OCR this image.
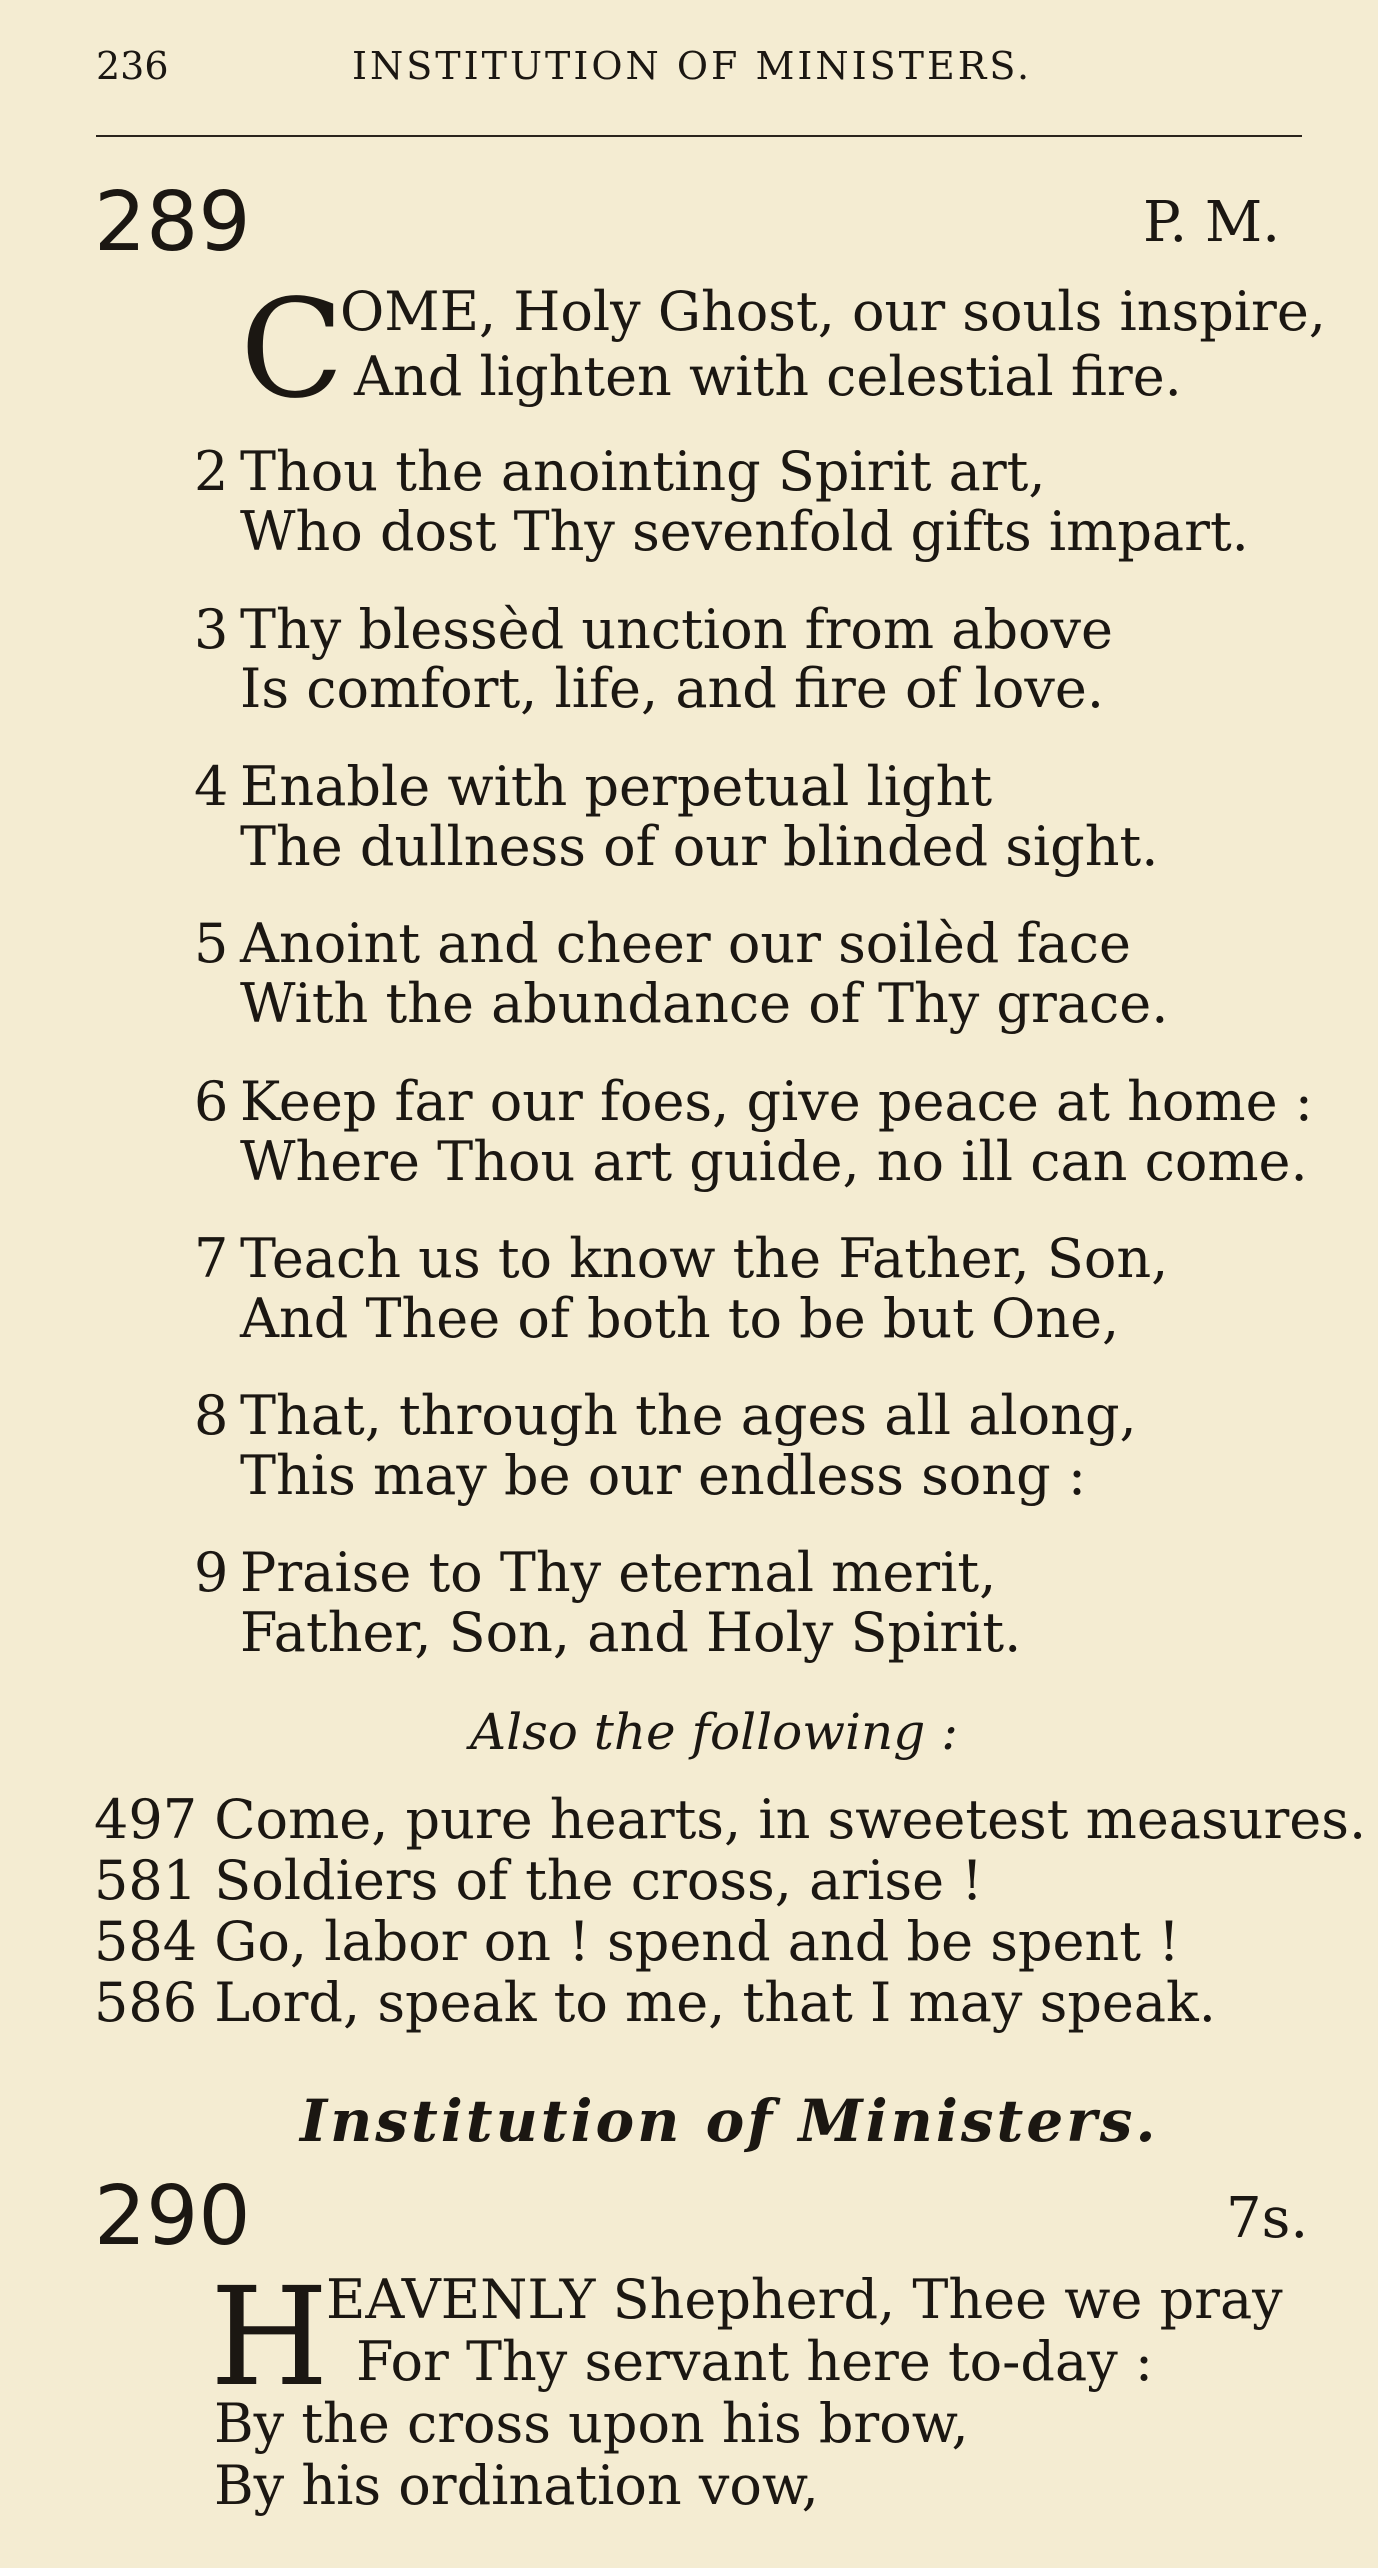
236	INSTITUTION OF MINISTERS.
289	P. M.
C
OME, Holy Ghost, our souls inspire,
And lighten with celestial fire.
2 Thou the anointing Spirit art,
Who dost Thy sevenfold gifts impart.
3 Thy blessèd unction from above
Is comfort, life, and fire of love.
4 Enable with perpetual light
The dullness of our blinded sight.
5 Anoint and cheer our soilèd face
With the abundance of Thy grace.
6 Keep far our foes, give peace at home :
Where Thou art guide, no ill can come.
7 Teach us to know the Father, Son,
And Thee of both to be but One,
8 That, through the ages all along,
This may be our endless song :
9 Praise to Thy eternal merit,
Father, Son, and Holy Spirit.
Also the following :
497 Come, pure hearts, in sweetest measures.
581 Soldiers of the cross, arise !
584 Go, labor on ! spend and be spent !
586 Lord, speak to me, that I may speak.
Institution of Ministers.
290	7s.
H
EAVENLY Shepherd, Thee we pray
For Thy servant here to-day :
By the cross upon his brow,
By his ordination vow,
